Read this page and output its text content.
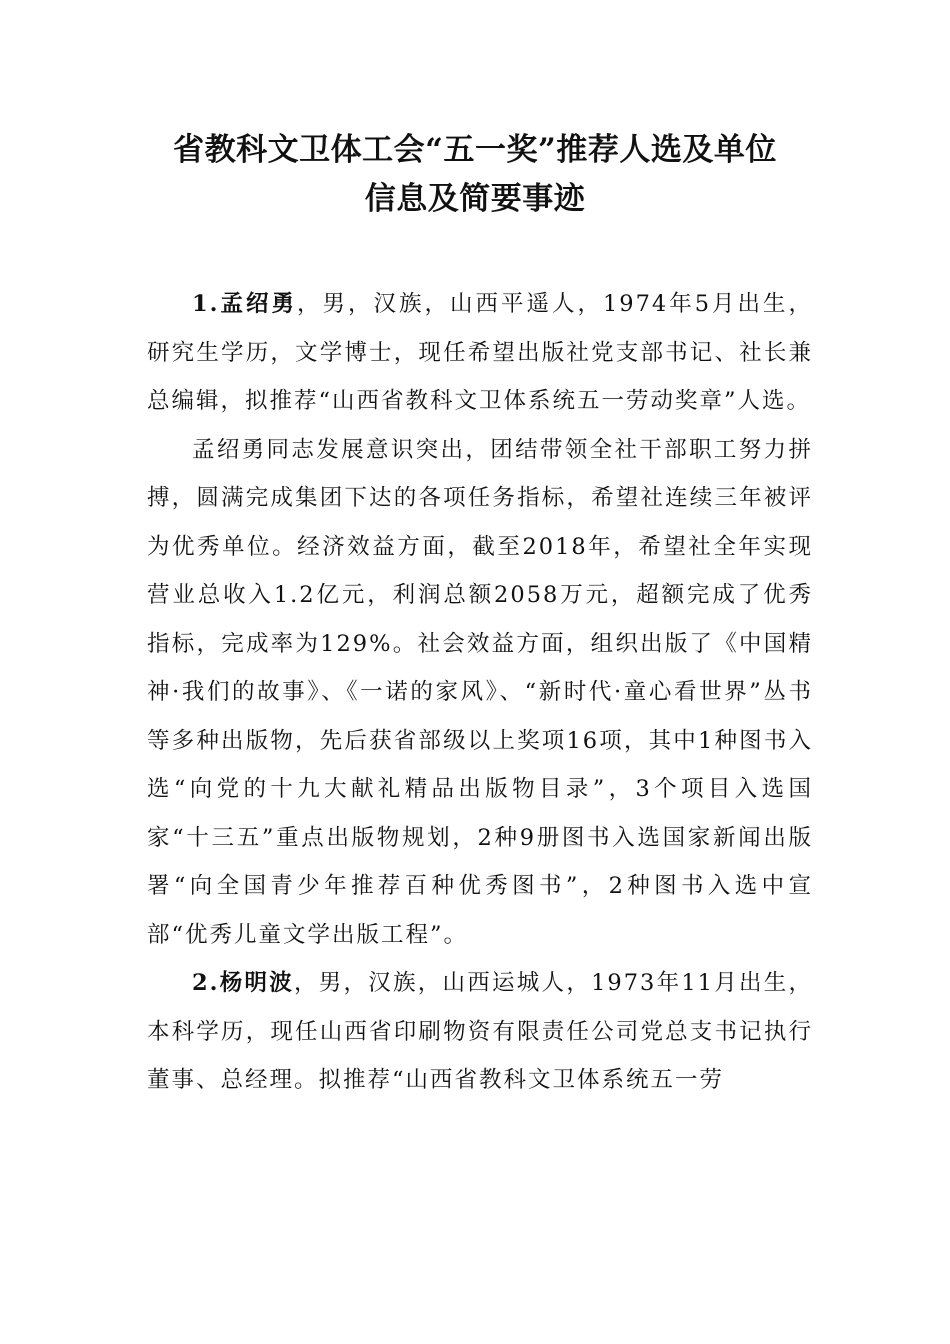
省教科文卫体工会“五一奖”推荐人选及单位
信息及简要事迹

1.孟绍勇，男，汉族，山西平遥人，1974年5月出生，研究生学历，文学博士，现任希望出版社党支部书记、社长兼总编辑，拟推荐“山西省教科文卫体系统五一劳动奖章”人选。

孟绍勇同志发展意识突出，团结带领全社干部职工努力拼搏，圆满完成集团下达的各项任务指标，希望社连续三年被评为优秀单位。经济效益方面，截至2018年，希望社全年实现营业总收入1.2亿元，利润总额2058万元，超额完成了优秀指标，完成率为129%。社会效益方面，组织出版了《中国精神·我们的故事》、《一诺的家风》、“新时代·童心看世界”丛书等多种出版物，先后获省部级以上奖项16项，其中1种图书入选“向党的十九大献礼精品出版物目录”，3个项目入选国家“十三五”重点出版物规划，2种9册图书入选国家新闻出版署“向全国青少年推荐百种优秀图书”，2种图书入选中宣部“优秀儿童文学出版工程”。

2.杨明波，男，汉族，山西运城人，1973年11月出生，本科学历，现任山西省印刷物资有限责任公司党总支书记执行董事、总经理。拟推荐“山西省教科文卫体系统五一劳
